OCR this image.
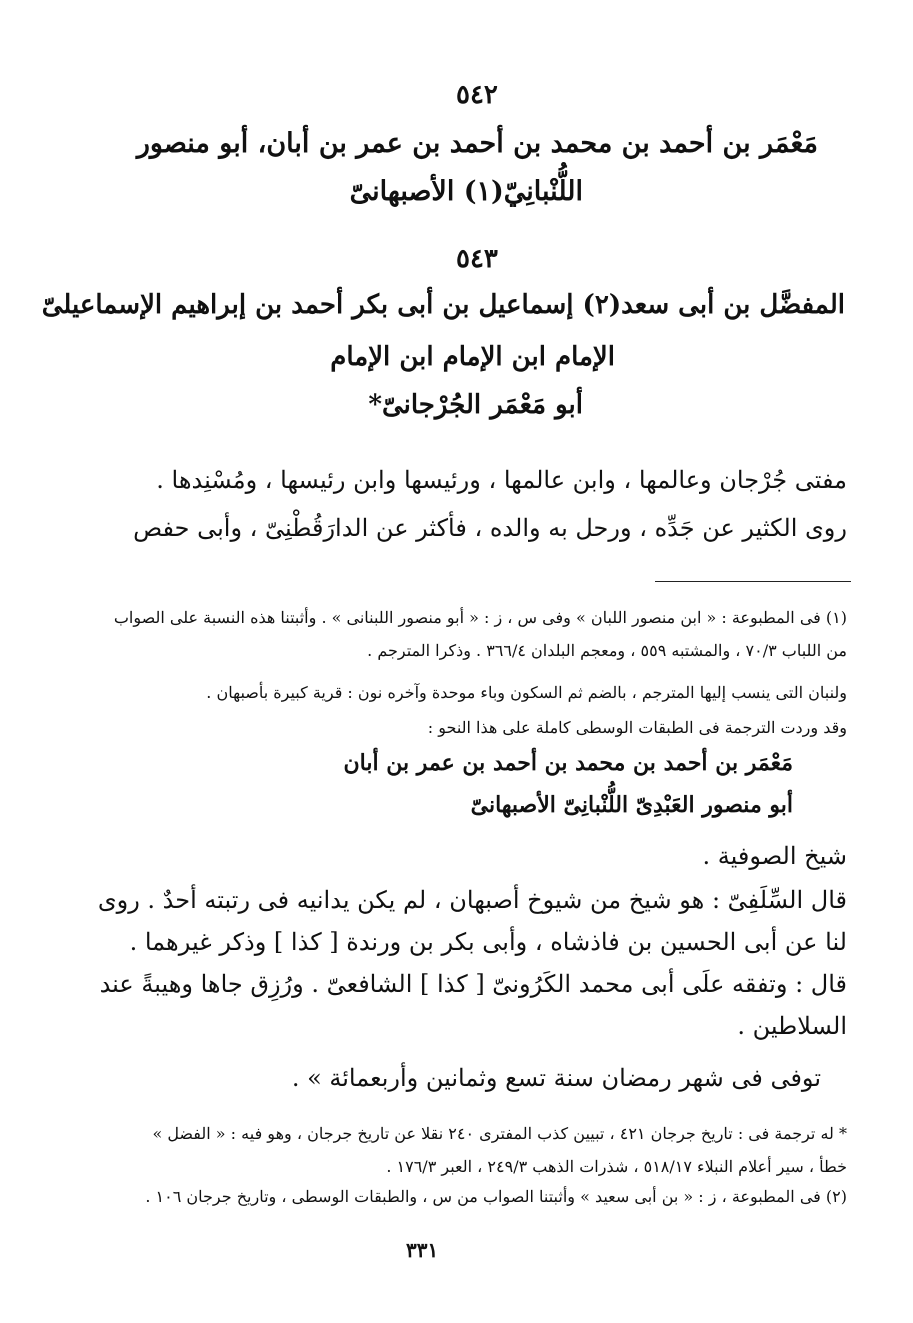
٥٤٢
مَعْمَر بن أحمد بن محمد بن أحمد بن عمر بن أبان، أبو منصور
اللُّنْبانِيّ(١) الأصبهانىّ
٥٤٣
المفضَّل بن أبى سعد(٢) إسماعيل بن أبى بكر أحمد بن إبراهيم الإسماعيلىّ
الإمام ابن الإمام ابن الإمام
أبو مَعْمَر الجُرْجانىّ*
مفتى جُرْجان وعالمها ، وابن عالمها ، ورئيسها وابن رئيسها ، ومُسْنِدها .
روى الكثير عن جَدِّه ، ورحل به والده ، فأكثر عن الدارَقُطْنِىّ ، وأبى حفص
(١) فى المطبوعة : « ابن منصور اللبان » وفى س ، ز : « أبو منصور اللبنانى » . وأثبتنا هذه النسبة على الصواب
من اللباب ٧٠/٣ ، والمشتبه ٥٥٩ ، ومعجم البلدان ٣٦٦/٤ . وذكرا المترجم .
ولنبان التى ينسب إليها المترجم ، بالضم ثم السكون وباء موحدة وآخره نون : قرية كبيرة بأصبهان .
وقد وردت الترجمة فى الطبقات الوسطى كاملة على هذا النحو :
مَعْمَر بن أحمد بن محمد بن أحمد بن عمر بن أبان
أبو منصور العَبْدِىّ اللُّنْبانِىّ الأصبهانىّ
شيخ الصوفية .
قال السِّلَفِىّ : هو شيخ من شيوخ أصبهان ، لم يكن يدانيه فى رتبته أحدٌ . روى
لنا عن أبى الحسين بن فاذشاه ، وأبى بكر بن ورندة [ كذا ] وذكر غيرهما .
قال : وتفقه علَى أبى محمد الكَرُونىّ [ كذا ] الشافعىّ . ورُزِق جاها وهيبةً عند
السلاطين .
توفى فى شهر رمضان سنة تسع وثمانين وأربعمائة » .
* له ترجمة فى : تاريخ جرجان ٤٢١ ، تبيين كذب المفترى ٢٤٠ نقلا عن تاريخ جرجان ، وهو فيه : « الفضل »
خطأ ، سير أعلام النبلاء ٥١٨/١٧ ، شذرات الذهب ٢٤٩/٣ ، العبر ١٧٦/٣ .
(٢) فى المطبوعة ، ز : « بن أبى سعيد » وأثبتنا الصواب من س ، والطبقات الوسطى ، وتاريخ جرجان ١٠٦ .
٣٣١
